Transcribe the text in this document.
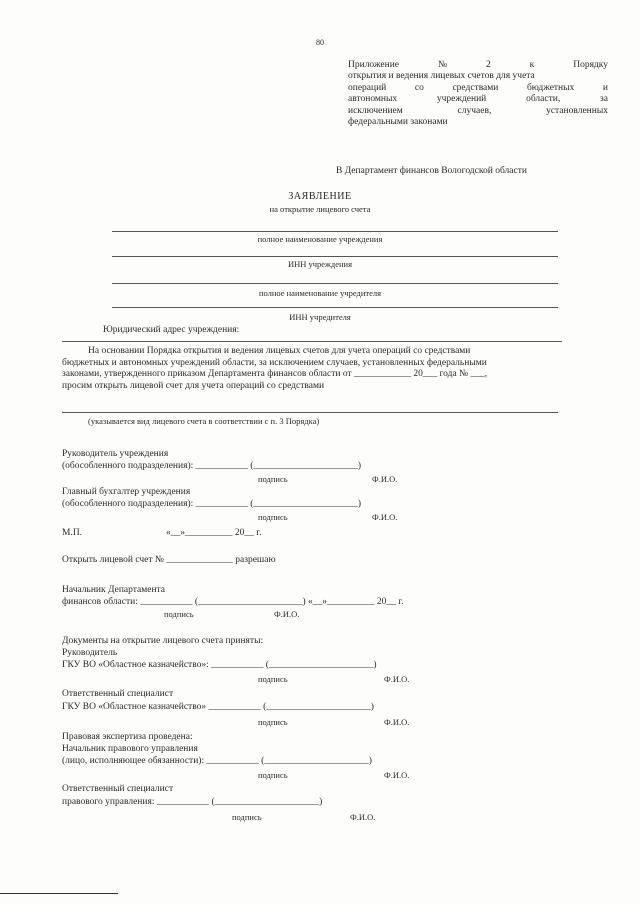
80
Приложение	№	2	к	Порядку
открытия и ведения лицевых счетов для учета
операций	со	средствами	бюджетных	и
автономных	учреждений	области,	за
исключением	случаев,	установленных
федеральными законами
В Департамент финансов Вологодской области
ЗАЯВЛЕНИЕ
на открытие лицевого счета
полное наименование учреждения
ИНН учреждения
полное наименование учредителя
ИНН учредителя
Юридический адрес учреждения:
На основании Порядка открытия и ведения лицевых счетов для учета операций со средствами
бюджетных и автономных учреждений области, за исключением случаев, установленных федеральными
законами, утвержденного приказом Департамента финансов области от ____________ 20___ года № ___,
просим открыть лицевой счет для учета операций со средствами
(указывается вид лицевого счета в соответствии с п. 3 Порядка)
Руководитель учреждения
(обособленного подразделения): ___________ (______________________)
подпись	Ф.И.О.
Главный бухгалтер учреждения
(обособленного подразделения): ___________ (______________________)
подпись	Ф.И.О.
М.П.	«__»__________ 20__ г.
Открыть лицевой счет № ______________ разрешаю
Начальник Департамента
финансов области: ___________ (______________________) «__»__________ 20__ г.
подпись	Ф.И.О.
Документы на открытие лицевого счета приняты:
Руководитель
ГКУ ВО «Областное казначейство»: ___________ (______________________)
подпись	Ф.И.О.
Ответственный специалист
ГКУ ВО «Областное казначейство» ___________ (______________________)
подпись	Ф.И.О.
Правовая экспертиза проведена:
Начальник правового управления
(лицо, исполняющее обязанности): ___________ (______________________)
подпись	Ф.И.О.
Ответственный специалист
правового управления: ___________ (______________________)
подпись	Ф.И.О.
